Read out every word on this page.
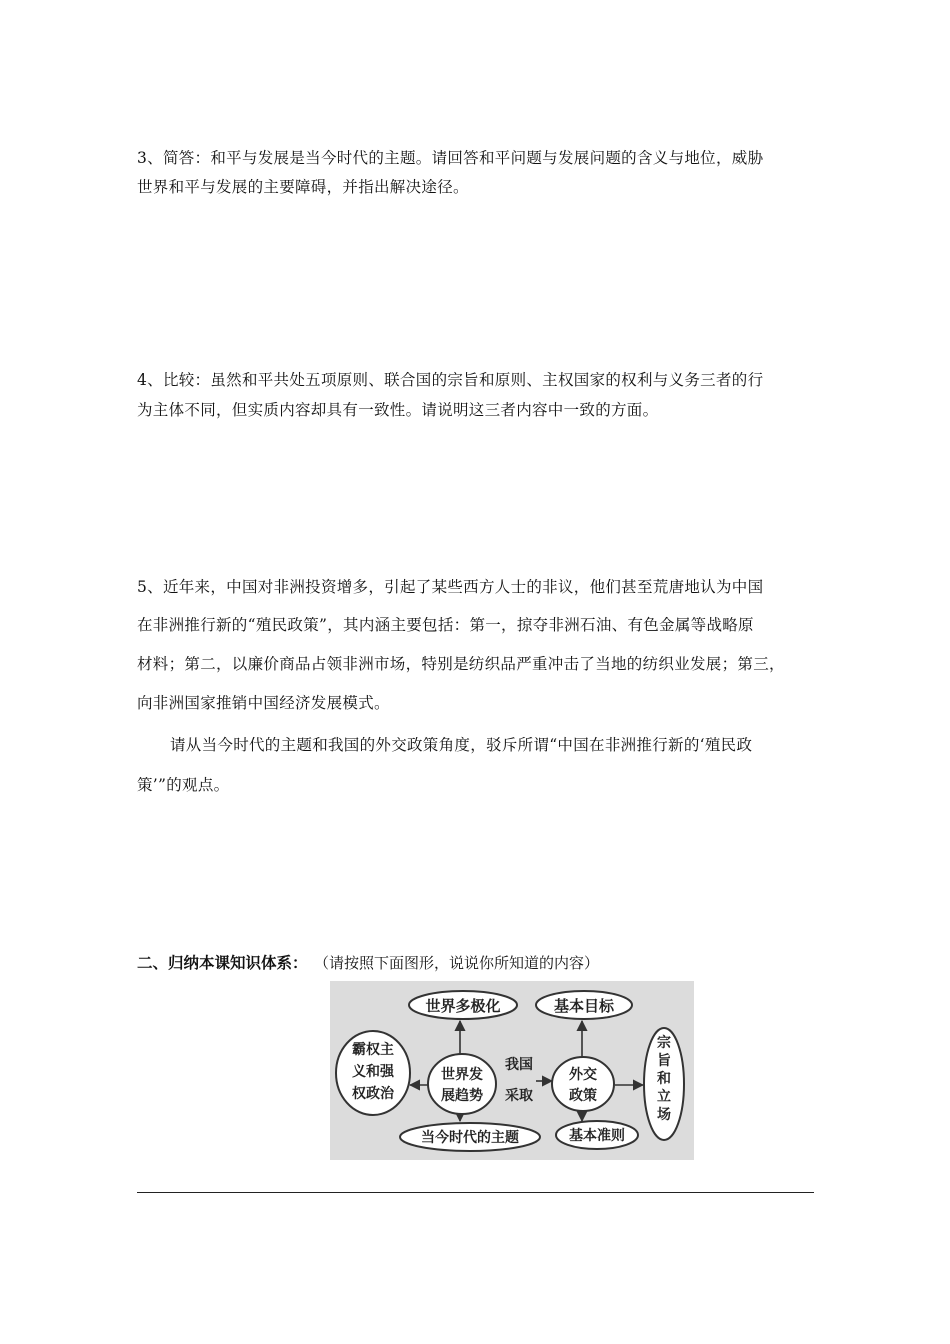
3、简答：和平与发展是当今时代的主题。请回答和平问题与发展问题的含义与地位，威胁
世界和平与发展的主要障碍，并指出解决途径。
4、比较：虽然和平共处五项原则、联合国的宗旨和原则、主权国家的权利与义务三者的行
为主体不同，但实质内容却具有一致性。请说明这三者内容中一致的方面。
5、近年来，中国对非洲投资增多，引起了某些西方人士的非议，他们甚至荒唐地认为中国
在非洲推行新的“殖民政策”，其内涵主要包括：第一，掠夺非洲石油、有色金属等战略原
材料；第二，以廉价商品占领非洲市场，特别是纺织品严重冲击了当地的纺织业发展；第三，
向非洲国家推销中国经济发展模式。
请从当今时代的主题和我国的外交政策角度，驳斥所谓“中国在非洲推行新的‘殖民政
策’”的观点。
二、归纳本课知识体系： （请按照下面图形，说说你所知道的内容）
世界多极化	基本目标
霸权主
义和强
权政治
世界发
展趋势
我国
采取
外交
政策
宗
旨
和
立
场
当今时代的主题	基本准则
